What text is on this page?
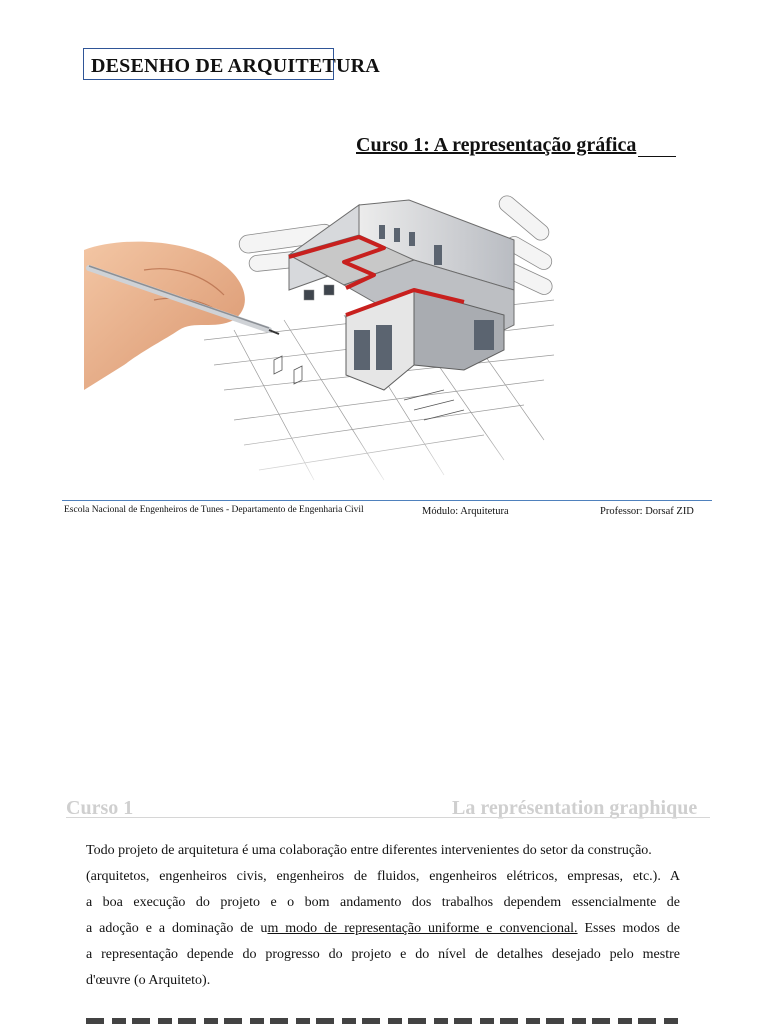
DESENHO DE ARQUITETURA
Curso 1: A representação gráfica
Escola Nacional de Engenheiros de Tunes - Departamento de Engenharia Civil	Módulo: Arquitetura	Professor: Dorsaf ZID
Curso 1	La représentation graphique
Todo projeto de arquitetura é uma colaboração entre diferentes intervenientes do setor da construção.
(arquitetos, engenheiros civis, engenheiros de fluidos, engenheiros elétricos, empresas, etc.). A
a boa execução do projeto e o bom andamento dos trabalhos dependem essencialmente de
a adoção e a dominação de um modo de representação uniforme e convencional. Esses modos de
a representação depende do progresso do projeto e do nível de detalhes desejado pelo mestre
d'œuvre (o Arquiteto).
